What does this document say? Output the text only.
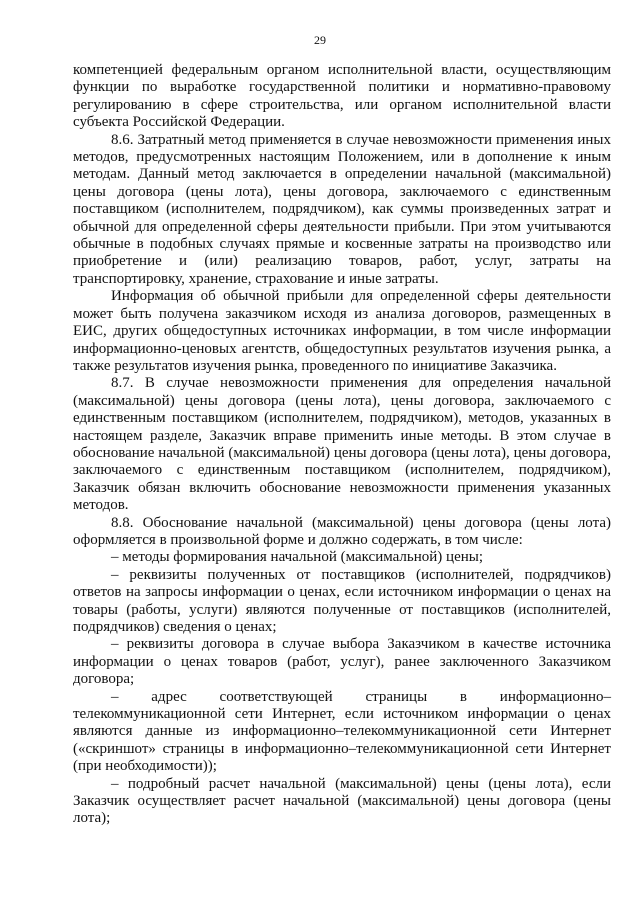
29

компетенцией федеральным органом исполнительной власти, осуществляющим функции по выработке государственной политики и нормативно-правовому регулированию в сфере строительства, или органом исполнительной власти субъекта Российской Федерации.

8.6. Затратный метод применяется в случае невозможности применения иных методов, предусмотренных настоящим Положением, или в дополнение к иным методам. Данный метод заключается в определении начальной (максимальной) цены договора (цены лота), цены договора, заключаемого с единственным поставщиком (исполнителем, подрядчиком), как суммы произведенных затрат и обычной для определенной сферы деятельности прибыли. При этом учитываются обычные в подобных случаях прямые и косвенные затраты на производство или приобретение и (или) реализацию товаров, работ, услуг, затраты на транспортировку, хранение, страхование и иные затраты.

Информация об обычной прибыли для определенной сферы деятельности может быть получена заказчиком исходя из анализа договоров, размещенных в ЕИС, других общедоступных источниках информации, в том числе информации информационно-ценовых агентств, общедоступных результатов изучения рынка, а также результатов изучения рынка, проведенного по инициативе Заказчика.

8.7. В случае невозможности применения для определения начальной (максимальной) цены договора (цены лота), цены договора, заключаемого с единственным поставщиком (исполнителем, подрядчиком), методов, указанных в настоящем разделе, Заказчик вправе применить иные методы. В этом случае в обоснование начальной (максимальной) цены договора (цены лота), цены договора, заключаемого с единственным поставщиком (исполнителем, подрядчиком), Заказчик обязан включить обоснование невозможности применения указанных методов.

8.8. Обоснование начальной (максимальной) цены договора (цены лота) оформляется в произвольной форме и должно содержать, в том числе:

– методы формирования начальной (максимальной) цены;

– реквизиты полученных от поставщиков (исполнителей, подрядчиков) ответов на запросы информации о ценах, если источником информации о ценах на товары (работы, услуги) являются полученные от поставщиков (исполнителей, подрядчиков) сведения о ценах;

– реквизиты договора в случае выбора Заказчиком в качестве источника информации о ценах товаров (работ, услуг), ранее заключенного Заказчиком договора;

– адрес соответствующей страницы в информационно–телекоммуникационной сети Интернет, если источником информации о ценах являются данные из информационно–телекоммуникационной сети Интернет («скриншот» страницы в информационно–телекоммуникационной сети Интернет (при необходимости));

– подробный расчет начальной (максимальной) цены (цены лота), если Заказчик осуществляет расчет начальной (максимальной) цены договора (цены лота);
